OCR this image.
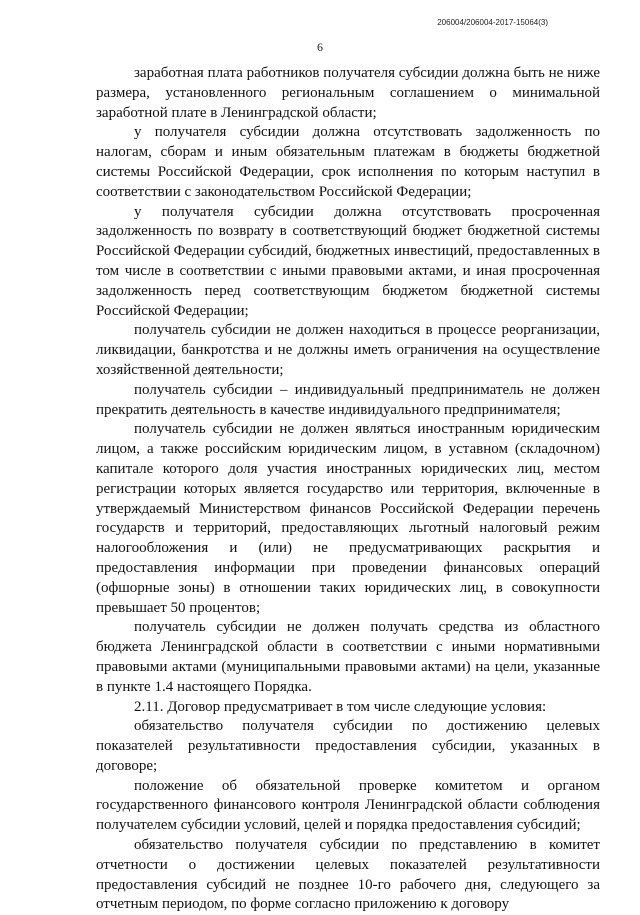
206004/206004-2017-15064(3)
6

заработная плата работников получателя субсидии должна быть не ниже размера, установленного региональным соглашением о минимальной заработной плате в Ленинградской области;

у получателя субсидии должна отсутствовать задолженность по налогам, сборам и иным обязательным платежам в бюджеты бюджетной системы Российской Федерации, срок исполнения по которым наступил в соответствии с законодательством Российской Федерации;

у получателя субсидии должна отсутствовать просроченная задолженность по возврату в соответствующий бюджет бюджетной системы Российской Федерации субсидий, бюджетных инвестиций, предоставленных в том числе в соответствии с иными правовыми актами, и иная просроченная задолженность перед соответствующим бюджетом бюджетной системы Российской Федерации;

получатель субсидии не должен находиться в процессе реорганизации, ликвидации, банкротства и не должны иметь ограничения на осуществление хозяйственной деятельности;

получатель субсидии – индивидуальный предприниматель не должен прекратить деятельность в качестве индивидуального предпринимателя;

получатель субсидии не должен являться иностранным юридическим лицом, а также российским юридическим лицом, в уставном (складочном) капитале которого доля участия иностранных юридических лиц, местом регистрации которых является государство или территория, включенные в утверждаемый Министерством финансов Российской Федерации перечень государств и территорий, предоставляющих льготный налоговый режим налогообложения и (или) не предусматривающих раскрытия и предоставления информации при проведении финансовых операций (офшорные зоны) в отношении таких юридических лиц, в совокупности превышает 50 процентов;

получатель субсидии не должен получать средства из областного бюджета Ленинградской области в соответствии с иными нормативными правовыми актами (муниципальными правовыми актами) на цели, указанные в пункте 1.4 настоящего Порядка.

2.11. Договор предусматривает в том числе следующие условия:

обязательство получателя субсидии по достижению целевых показателей результативности предоставления субсидии, указанных в договоре;

положение об обязательной проверке комитетом и органом государственного финансового контроля Ленинградской области соблюдения получателем субсидии условий, целей и порядка предоставления субсидий;

обязательство получателя субсидии по представлению в комитет отчетности о достижении целевых показателей результативности предоставления субсидий не позднее 10-го рабочего дня, следующего за отчетным периодом, по форме согласно приложению к договору
